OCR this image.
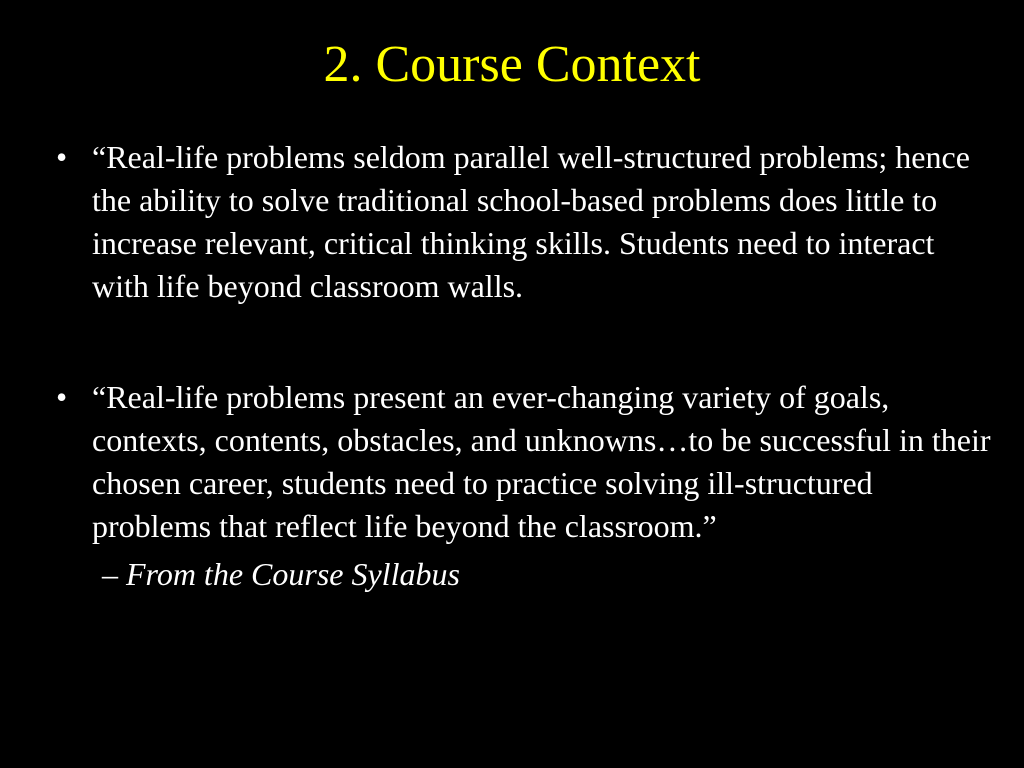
2. Course Context
• “Real-life problems seldom parallel well-structured problems; hence the ability to solve traditional school-based problems does little to increase relevant, critical thinking skills. Students need to interact with life beyond classroom walls.
• “Real-life problems present an ever-changing variety of goals, contexts, contents, obstacles, and unknowns…to be successful in their chosen career, students need to practice solving ill-structured problems that reflect life beyond the classroom.”
– From the Course Syllabus
